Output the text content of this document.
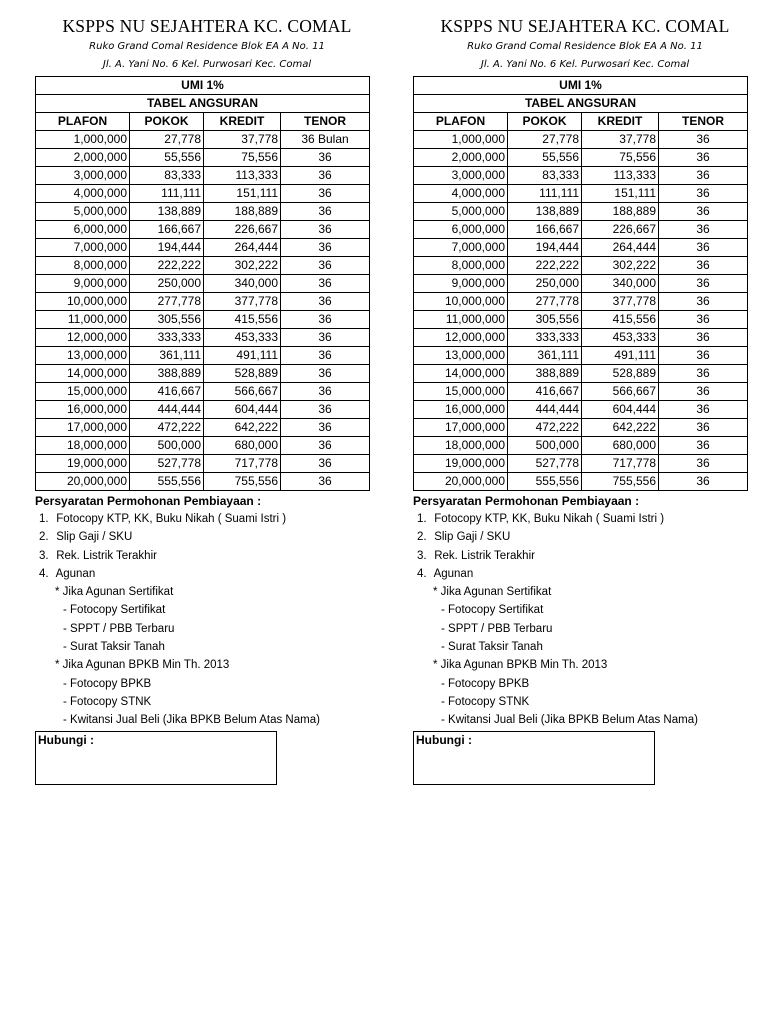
KSPPS NU SEJAHTERA KC. COMAL
Ruko Grand Comal Residence Blok EA A No. 11
Jl. A. Yani No. 6 Kel. Purwosari Kec. Comal
UMI 1%			
TABEL ANGSURAN			
PLAFON	POKOK	KREDIT	TENOR
1,000,000	27,778	37,778	36 Bulan
2,000,000	55,556	75,556	36
3,000,000	83,333	113,333	36
4,000,000	111,111	151,111	36
5,000,000	138,889	188,889	36
6,000,000	166,667	226,667	36
7,000,000	194,444	264,444	36
8,000,000	222,222	302,222	36
9,000,000	250,000	340,000	36
10,000,000	277,778	377,778	36
11,000,000	305,556	415,556	36
12,000,000	333,333	453,333	36
13,000,000	361,111	491,111	36
14,000,000	388,889	528,889	36
15,000,000	416,667	566,667	36
16,000,000	444,444	604,444	36
17,000,000	472,222	642,222	36
18,000,000	500,000	680,000	36
19,000,000	527,778	717,778	36
20,000,000	555,556	755,556	36
Persyaratan Permohonan Pembiayaan :
1. Fotocopy KTP, KK, Buku Nikah ( Suami Istri )
2. Slip Gaji / SKU
3. Rek. Listrik Terakhir
4. Agunan
* Jika Agunan Sertifikat
- Fotocopy Sertifikat
- SPPT / PBB Terbaru
- Surat Taksir Tanah
* Jika Agunan BPKB Min Th. 2013
- Fotocopy BPKB
- Fotocopy STNK
- Kwitansi Jual Beli (Jika BPKB Belum Atas Nama)
Hubungi :
KSPPS NU SEJAHTERA KC. COMAL
Ruko Grand Comal Residence Blok EA A No. 11
Jl. A. Yani No. 6 Kel. Purwosari Kec. Comal
UMI 1%			
TABEL ANGSURAN			
PLAFON	POKOK	KREDIT	TENOR
1,000,000	27,778	37,778	36
2,000,000	55,556	75,556	36
3,000,000	83,333	113,333	36
4,000,000	111,111	151,111	36
5,000,000	138,889	188,889	36
6,000,000	166,667	226,667	36
7,000,000	194,444	264,444	36
8,000,000	222,222	302,222	36
9,000,000	250,000	340,000	36
10,000,000	277,778	377,778	36
11,000,000	305,556	415,556	36
12,000,000	333,333	453,333	36
13,000,000	361,111	491,111	36
14,000,000	388,889	528,889	36
15,000,000	416,667	566,667	36
16,000,000	444,444	604,444	36
17,000,000	472,222	642,222	36
18,000,000	500,000	680,000	36
19,000,000	527,778	717,778	36
20,000,000	555,556	755,556	36
Persyaratan Permohonan Pembiayaan :
1. Fotocopy KTP, KK, Buku Nikah ( Suami Istri )
2. Slip Gaji / SKU
3. Rek. Listrik Terakhir
4. Agunan
* Jika Agunan Sertifikat
- Fotocopy Sertifikat
- SPPT / PBB Terbaru
- Surat Taksir Tanah
* Jika Agunan BPKB Min Th. 2013
- Fotocopy BPKB
- Fotocopy STNK
- Kwitansi Jual Beli (Jika BPKB Belum Atas Nama)
Hubungi :
